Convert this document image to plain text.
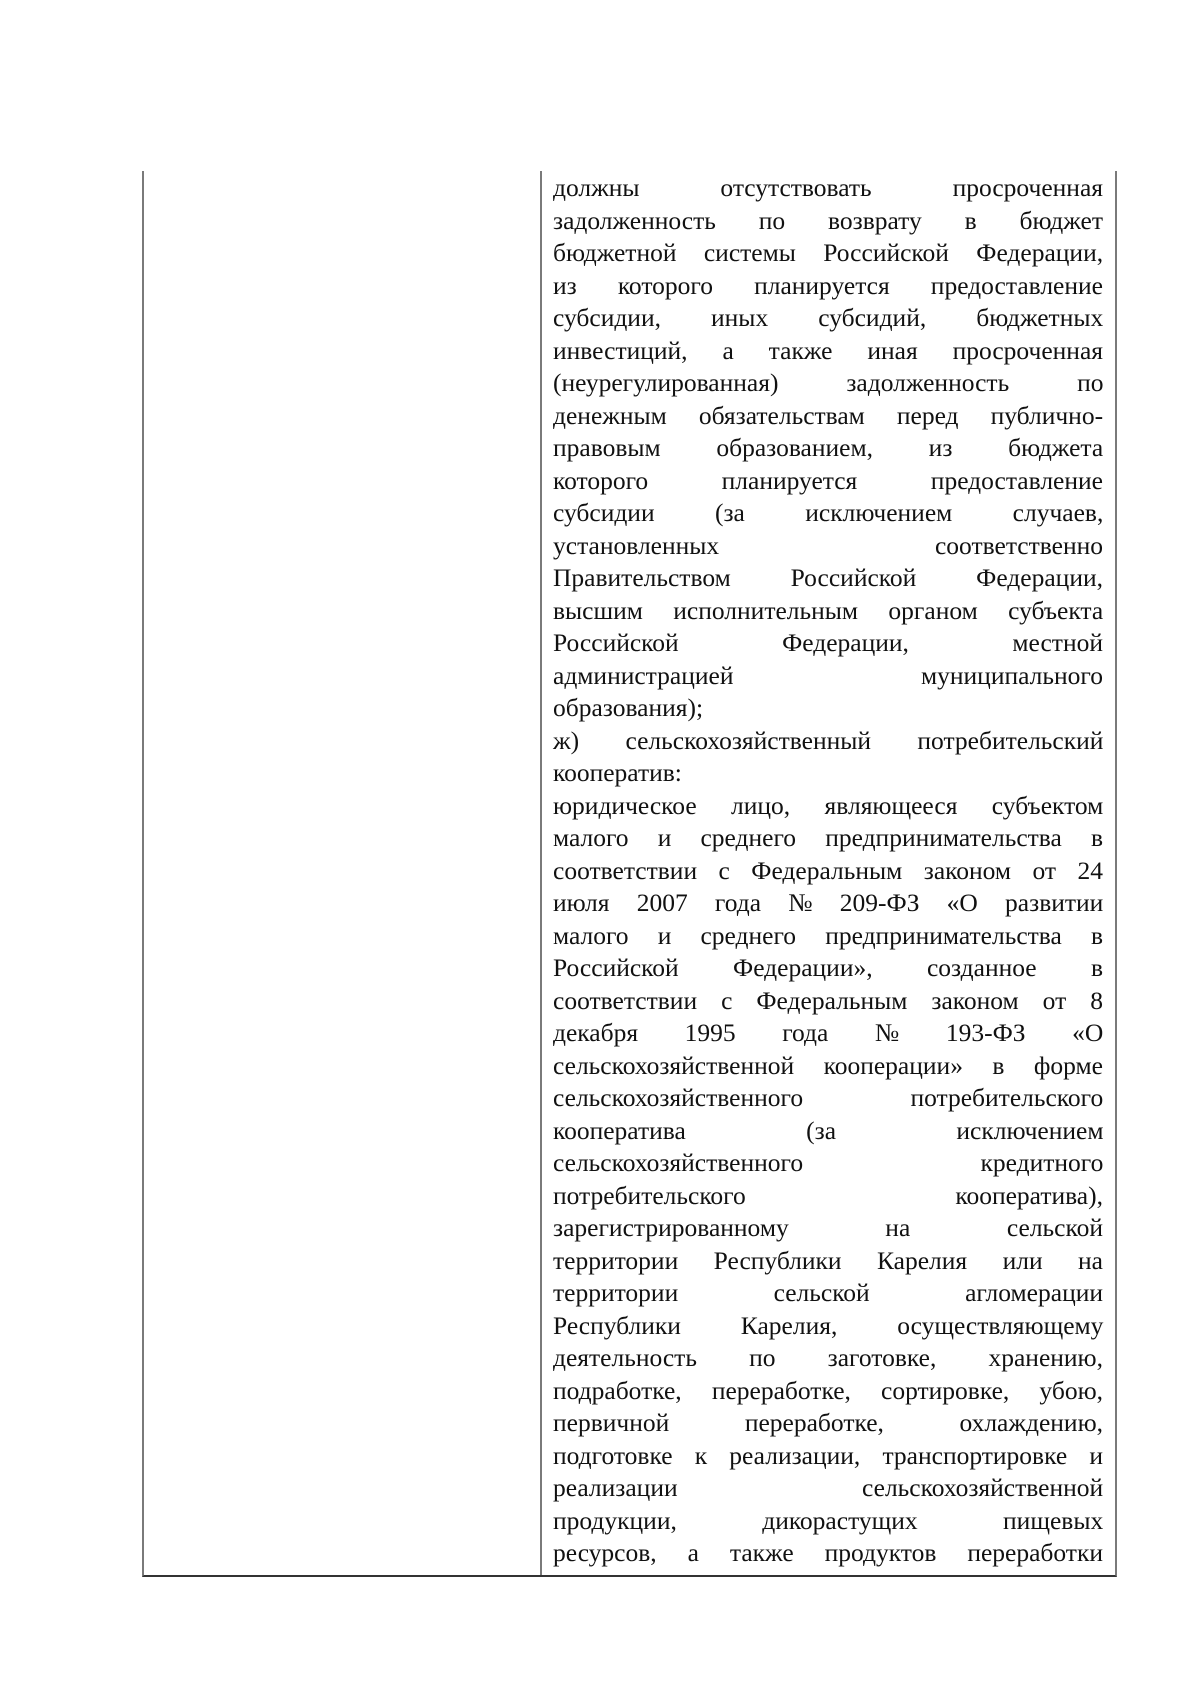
должны отсутствовать просроченная
задолженность по возврату в бюджет
бюджетной системы Российской Федерации,
из которого планируется предоставление
субсидии, иных субсидий, бюджетных
инвестиций, а также иная просроченная
(неурегулированная) задолженность по
денежным обязательствам перед публично-
правовым образованием, из бюджета
которого планируется предоставление
субсидии (за исключением случаев,
установленных соответственно
Правительством Российской Федерации,
высшим исполнительным органом субъекта
Российской Федерации, местной
администрацией муниципального
образования);
ж) сельскохозяйственный потребительский
кооператив:
юридическое лицо, являющееся субъектом
малого и среднего предпринимательства в
соответствии с Федеральным законом от 24
июля 2007 года № 209-ФЗ «О развитии
малого и среднего предпринимательства в
Российской Федерации», созданное в
соответствии с Федеральным законом от 8
декабря 1995 года № 193-ФЗ «О
сельскохозяйственной кооперации» в форме
сельскохозяйственного потребительского
кооператива (за исключением
сельскохозяйственного кредитного
потребительского кооператива),
зарегистрированному на сельской
территории Республики Карелия или на
территории сельской агломерации
Республики Карелия, осуществляющему
деятельность по заготовке, хранению,
подработке, переработке, сортировке, убою,
первичной переработке, охлаждению,
подготовке к реализации, транспортировке и
реализации сельскохозяйственной
продукции, дикорастущих пищевых
ресурсов, а также продуктов переработки
